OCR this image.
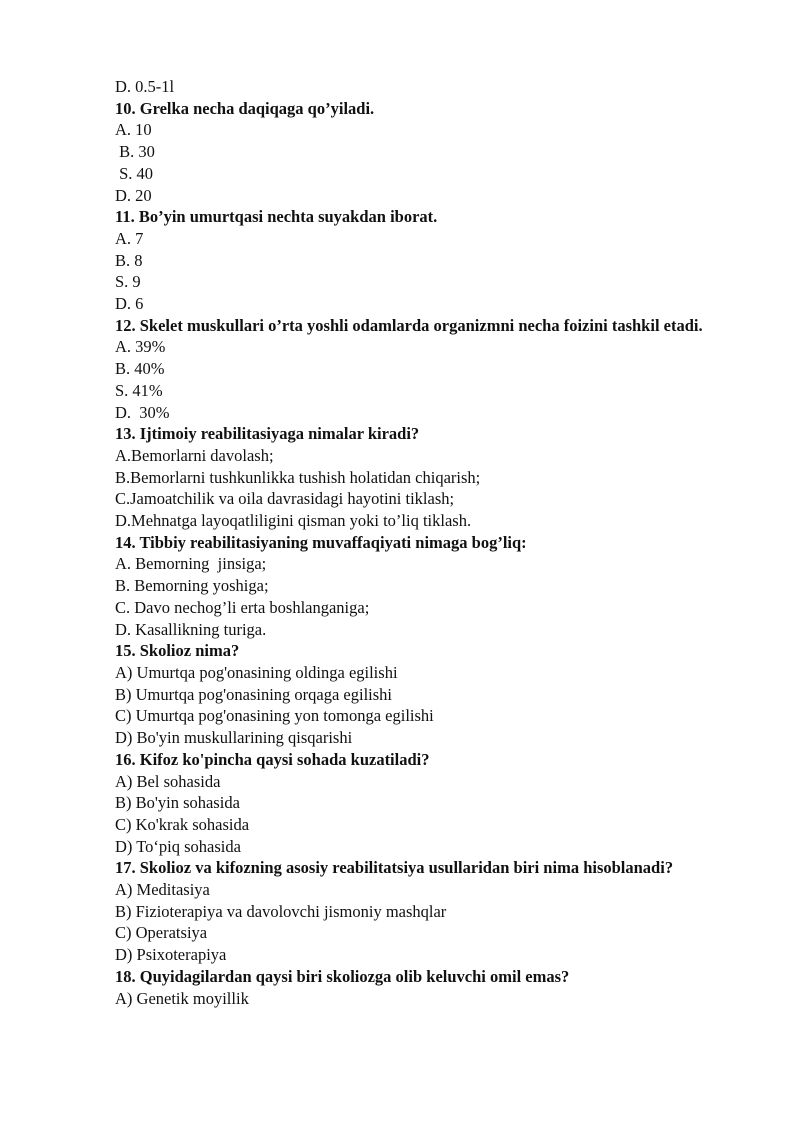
D. 0.5-1l
10. Grelka necha daqiqaga qo’yiladi.
A. 10
B. 30
S. 40
D. 20
11. Bo’yin umurtqasi nechta suyakdan iborat.
A. 7
B. 8
S. 9
D. 6
12. Skelet muskullari o’rta yoshli odamlarda organizmni necha foizini tashkil etadi.
A. 39%
B. 40%
S. 41%
D.  30%
13. Ijtimoiy reabilitasiyaga nimalar kiradi?
A.Bemorlarni davolash;
B.Bemorlarni tushkunlikka tushish holatidan chiqarish;
C.Jamoatchilik va oila davrasidagi hayotini tiklash;
D.Mehnatga layoqatliligini qisman yoki to’liq tiklash.
14. Tibbiy reabilitasiyaning muvaffaqiyati nimaga bog’liq:
A. Bemorning  jinsiga;
B. Bemorning yoshiga;
C. Davo nechog’li erta boshlanganiga;
D. Kasallikning turiga.
15. Skolioz nima?
A) Umurtqa pog'onasining oldinga egilishi
B) Umurtqa pog'onasining orqaga egilishi
C) Umurtqa pog'onasining yon tomonga egilishi
D) Bo'yin muskullarining qisqarishi
16. Kifoz ko'pincha qaysi sohada kuzatiladi?
A) Bel sohasida
B) Bo'yin sohasida
C) Ko'krak sohasida
D) To‘piq sohasida
17. Skolioz va kifozning asosiy reabilitatsiya usullaridan biri nima hisoblanadi?
A) Meditasiya
B) Fizioterapiya va davolovchi jismoniy mashqlar
C) Operatsiya
D) Psixoterapiya
18. Quyidagilardan qaysi biri skoliozga olib keluvchi omil emas?
A) Genetik moyillik
